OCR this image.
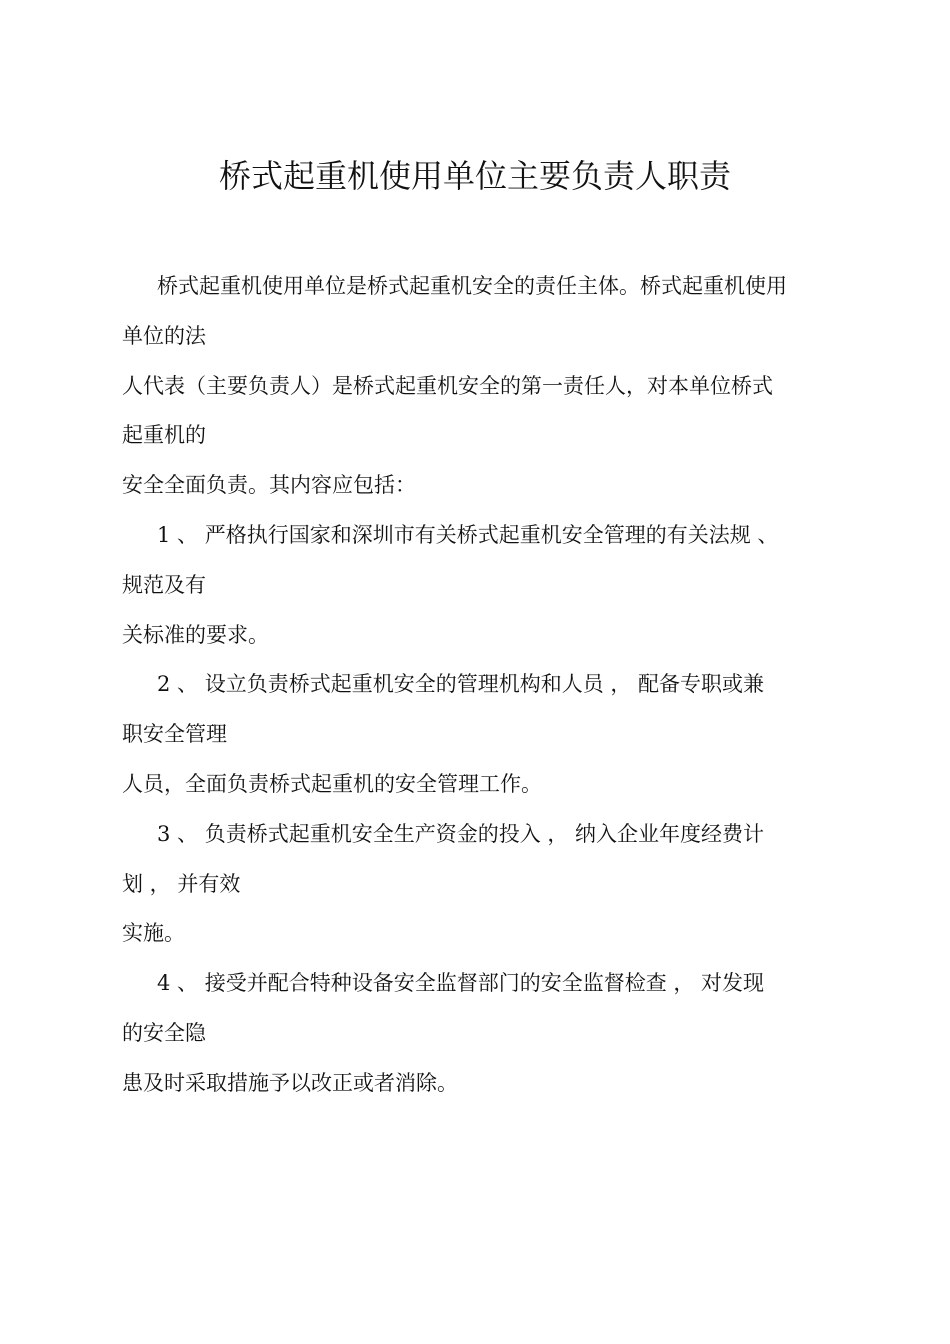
桥式起重机使用单位主要负责人职责
桥式起重机使用单位是桥式起重机安全的责任主体。桥式起重机使用
单位的法
人代表（主要负责人）是桥式起重机安全的第一责任人，对本单位桥式
起重机的
安全全面负责。其内容应包括：
1 、 严格执行国家和深圳市有关桥式起重机安全管理的有关法规 、
规范及有
关标准的要求。
2 、 设立负责桥式起重机安全的管理机构和人员 ， 配备专职或兼
职安全管理
人员，全面负责桥式起重机的安全管理工作。
3 、 负责桥式起重机安全生产资金的投入 ， 纳入企业年度经费计
划 ， 并有效
实施。
4 、 接受并配合特种设备安全监督部门的安全监督检查 ， 对发现
的安全隐
患及时采取措施予以改正或者消除。
